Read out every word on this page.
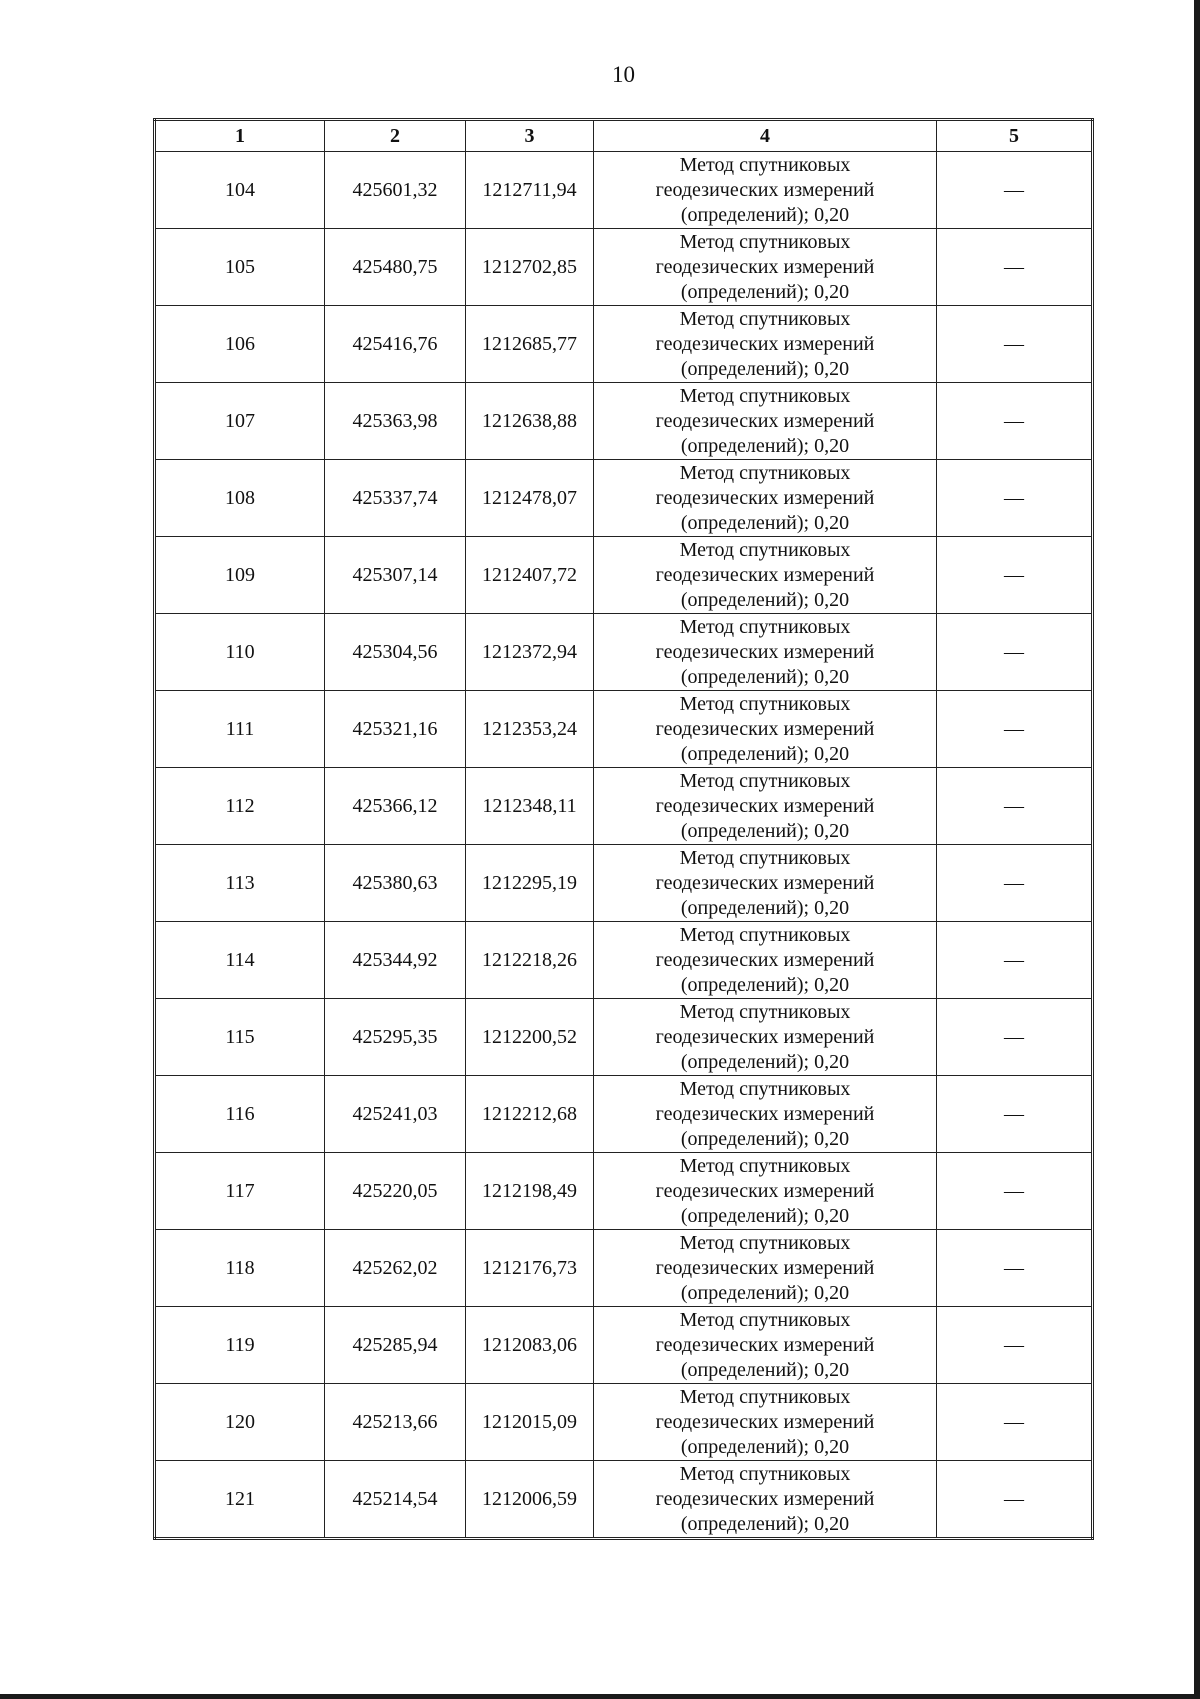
10
1	2	3	4	5
104	425601,32	1212711,94	Метод спутниковых
геодезических измерений
(определений); 0,20	—
105	425480,75	1212702,85	Метод спутниковых
геодезических измерений
(определений); 0,20	—
106	425416,76	1212685,77	Метод спутниковых
геодезических измерений
(определений); 0,20	—
107	425363,98	1212638,88	Метод спутниковых
геодезических измерений
(определений); 0,20	—
108	425337,74	1212478,07	Метод спутниковых
геодезических измерений
(определений); 0,20	—
109	425307,14	1212407,72	Метод спутниковых
геодезических измерений
(определений); 0,20	—
110	425304,56	1212372,94	Метод спутниковых
геодезических измерений
(определений); 0,20	—
111	425321,16	1212353,24	Метод спутниковых
геодезических измерений
(определений); 0,20	—
112	425366,12	1212348,11	Метод спутниковых
геодезических измерений
(определений); 0,20	—
113	425380,63	1212295,19	Метод спутниковых
геодезических измерений
(определений); 0,20	—
114	425344,92	1212218,26	Метод спутниковых
геодезических измерений
(определений); 0,20	—
115	425295,35	1212200,52	Метод спутниковых
геодезических измерений
(определений); 0,20	—
116	425241,03	1212212,68	Метод спутниковых
геодезических измерений
(определений); 0,20	—
117	425220,05	1212198,49	Метод спутниковых
геодезических измерений
(определений); 0,20	—
118	425262,02	1212176,73	Метод спутниковых
геодезических измерений
(определений); 0,20	—
119	425285,94	1212083,06	Метод спутниковых
геодезических измерений
(определений); 0,20	—
120	425213,66	1212015,09	Метод спутниковых
геодезических измерений
(определений); 0,20	—
121	425214,54	1212006,59	Метод спутниковых
геодезических измерений
(определений); 0,20	—
